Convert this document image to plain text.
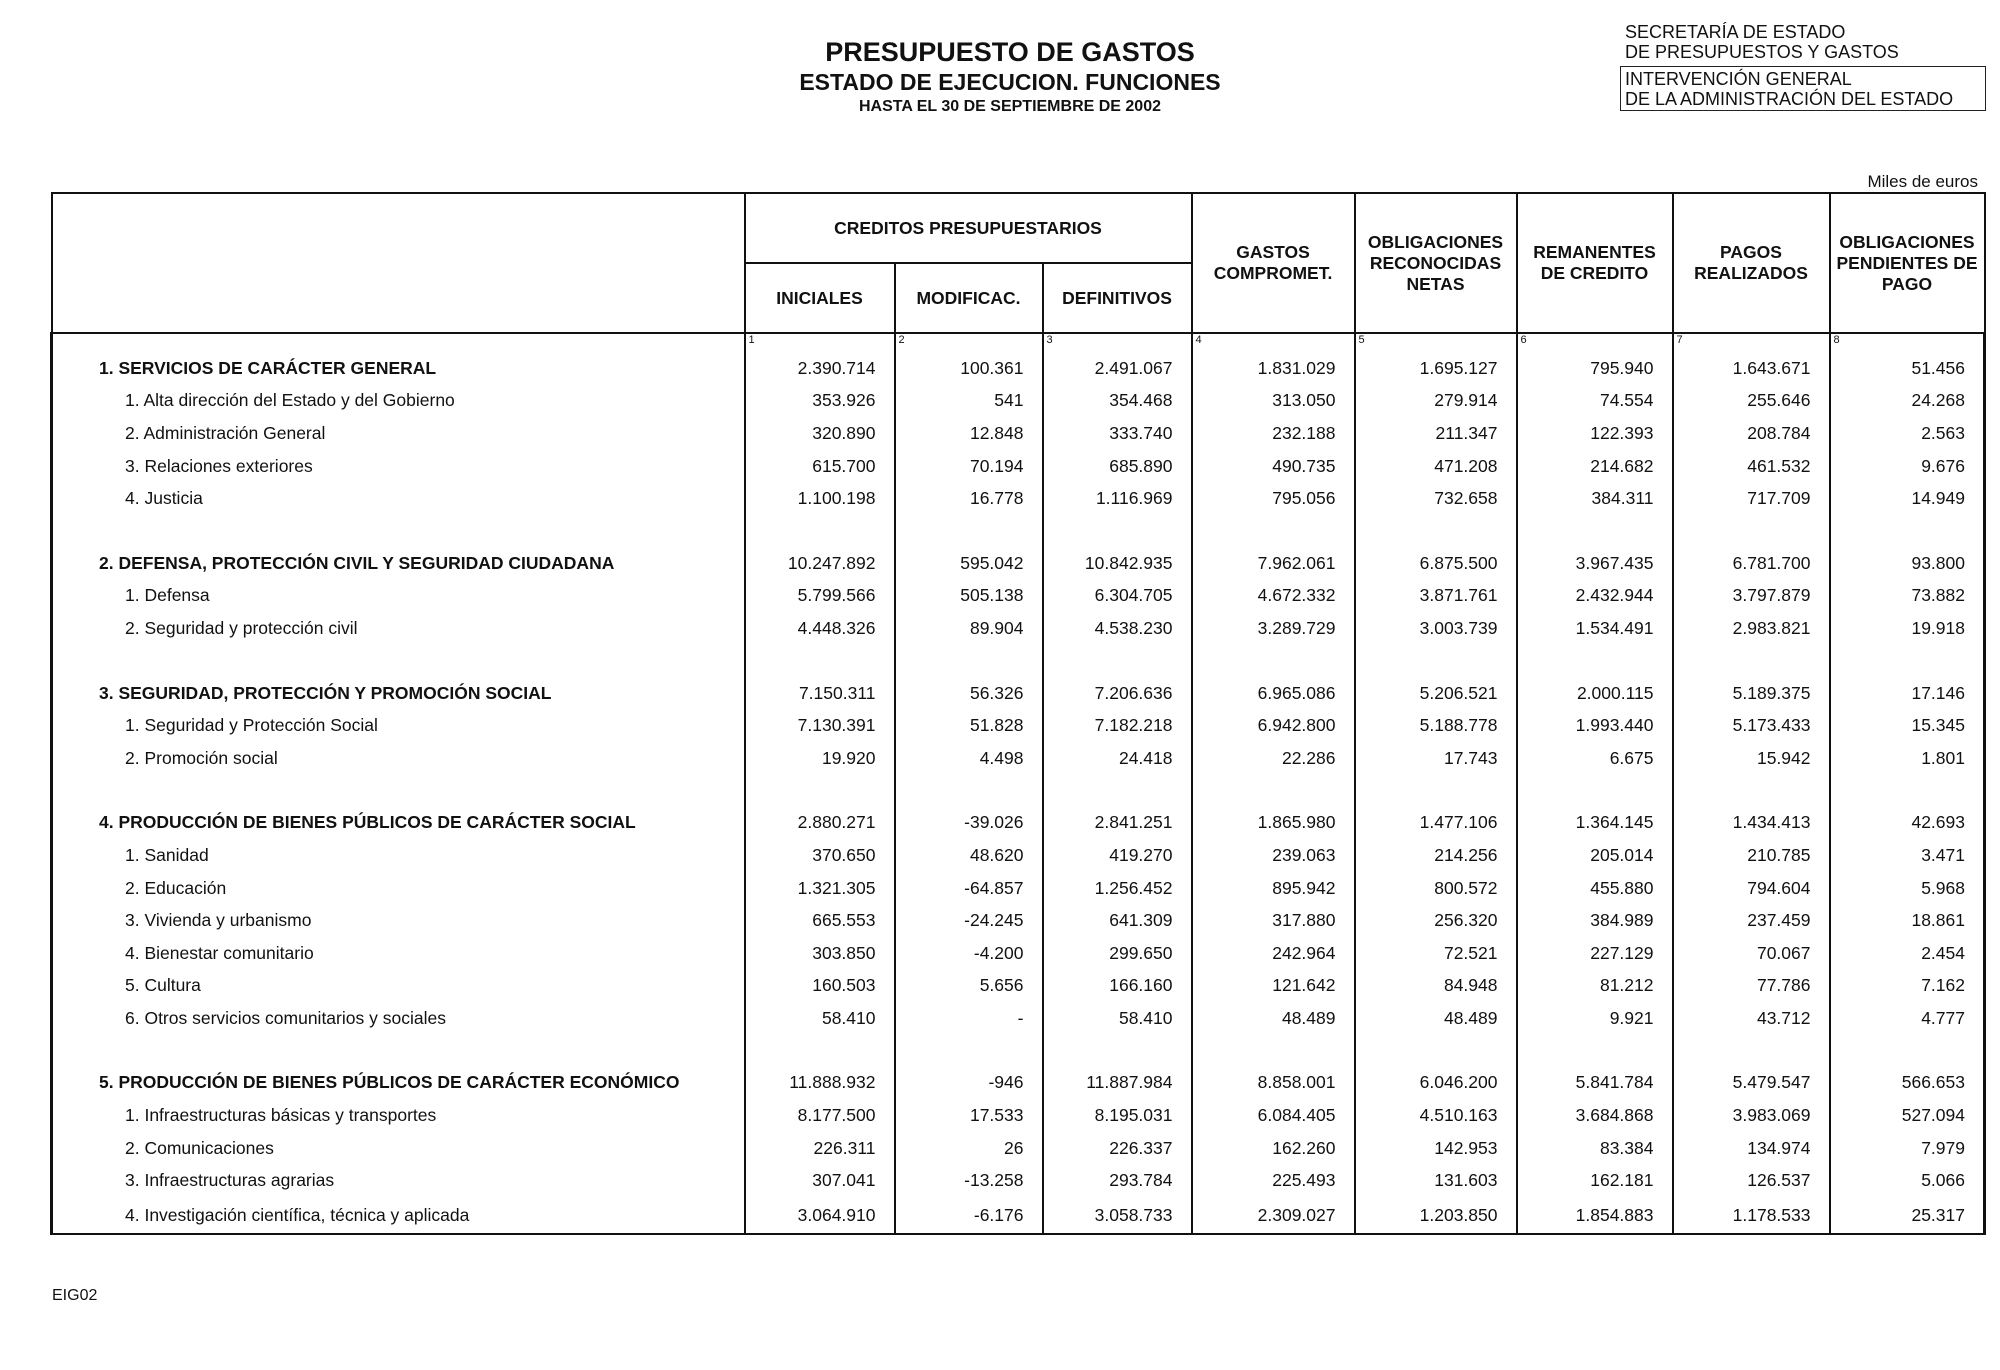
PRESUPUESTO DE GASTOS
ESTADO DE EJECUCION. FUNCIONES
HASTA EL 30 DE SEPTIEMBRE DE 2002
SECRETARÍA DE ESTADO
DE PRESUPUESTOS Y GASTOS
INTERVENCIÓN GENERAL
DE LA ADMINISTRACIÓN DEL ESTADO
Miles de euros
	CREDITOS PRESUPUESTARIOS			GASTOS COMPROMET.	OBLIGACIONES RECONOCIDAS NETAS	REMANENTES DE CREDITO	PAGOS REALIZADOS	OBLIGACIONES PENDIENTES DE PAGO
	INICIALES	MODIFICAC.	DEFINITIVOS					
	1	2	3	4	5	6	7	8
1. SERVICIOS DE CARÁCTER GENERAL	2.390.714	100.361	2.491.067	1.831.029	1.695.127	795.940	1.643.671	51.456
1. Alta dirección del Estado y del Gobierno	353.926	541	354.468	313.050	279.914	74.554	255.646	24.268
2. Administración General	320.890	12.848	333.740	232.188	211.347	122.393	208.784	2.563
3. Relaciones exteriores	615.700	70.194	685.890	490.735	471.208	214.682	461.532	9.676
4. Justicia	1.100.198	16.778	1.116.969	795.056	732.658	384.311	717.709	14.949

2. DEFENSA, PROTECCIÓN CIVIL Y SEGURIDAD CIUDADANA	10.247.892	595.042	10.842.935	7.962.061	6.875.500	3.967.435	6.781.700	93.800
1. Defensa	5.799.566	505.138	6.304.705	4.672.332	3.871.761	2.432.944	3.797.879	73.882
2. Seguridad y protección civil	4.448.326	89.904	4.538.230	3.289.729	3.003.739	1.534.491	2.983.821	19.918

3. SEGURIDAD, PROTECCIÓN Y PROMOCIÓN SOCIAL	7.150.311	56.326	7.206.636	6.965.086	5.206.521	2.000.115	5.189.375	17.146
1. Seguridad y Protección Social	7.130.391	51.828	7.182.218	6.942.800	5.188.778	1.993.440	5.173.433	15.345
2. Promoción social	19.920	4.498	24.418	22.286	17.743	6.675	15.942	1.801

4. PRODUCCIÓN DE BIENES PÚBLICOS DE CARÁCTER SOCIAL	2.880.271	-39.026	2.841.251	1.865.980	1.477.106	1.364.145	1.434.413	42.693
1. Sanidad	370.650	48.620	419.270	239.063	214.256	205.014	210.785	3.471
2. Educación	1.321.305	-64.857	1.256.452	895.942	800.572	455.880	794.604	5.968
3. Vivienda y urbanismo	665.553	-24.245	641.309	317.880	256.320	384.989	237.459	18.861
4. Bienestar comunitario	303.850	-4.200	299.650	242.964	72.521	227.129	70.067	2.454
5. Cultura	160.503	5.656	166.160	121.642	84.948	81.212	77.786	7.162
6. Otros servicios comunitarios y sociales	58.410	-	58.410	48.489	48.489	9.921	43.712	4.777

5. PRODUCCIÓN DE BIENES PÚBLICOS DE CARÁCTER ECONÓMICO	11.888.932	-946	11.887.984	8.858.001	6.046.200	5.841.784	5.479.547	566.653
1. Infraestructuras básicas y transportes	8.177.500	17.533	8.195.031	6.084.405	4.510.163	3.684.868	3.983.069	527.094
2. Comunicaciones	226.311	26	226.337	162.260	142.953	83.384	134.974	7.979
3. Infraestructuras agrarias	307.041	-13.258	293.784	225.493	131.603	162.181	126.537	5.066
4. Investigación científica, técnica y aplicada	3.064.910	-6.176	3.058.733	2.309.027	1.203.850	1.854.883	1.178.533	25.317
EIG02
